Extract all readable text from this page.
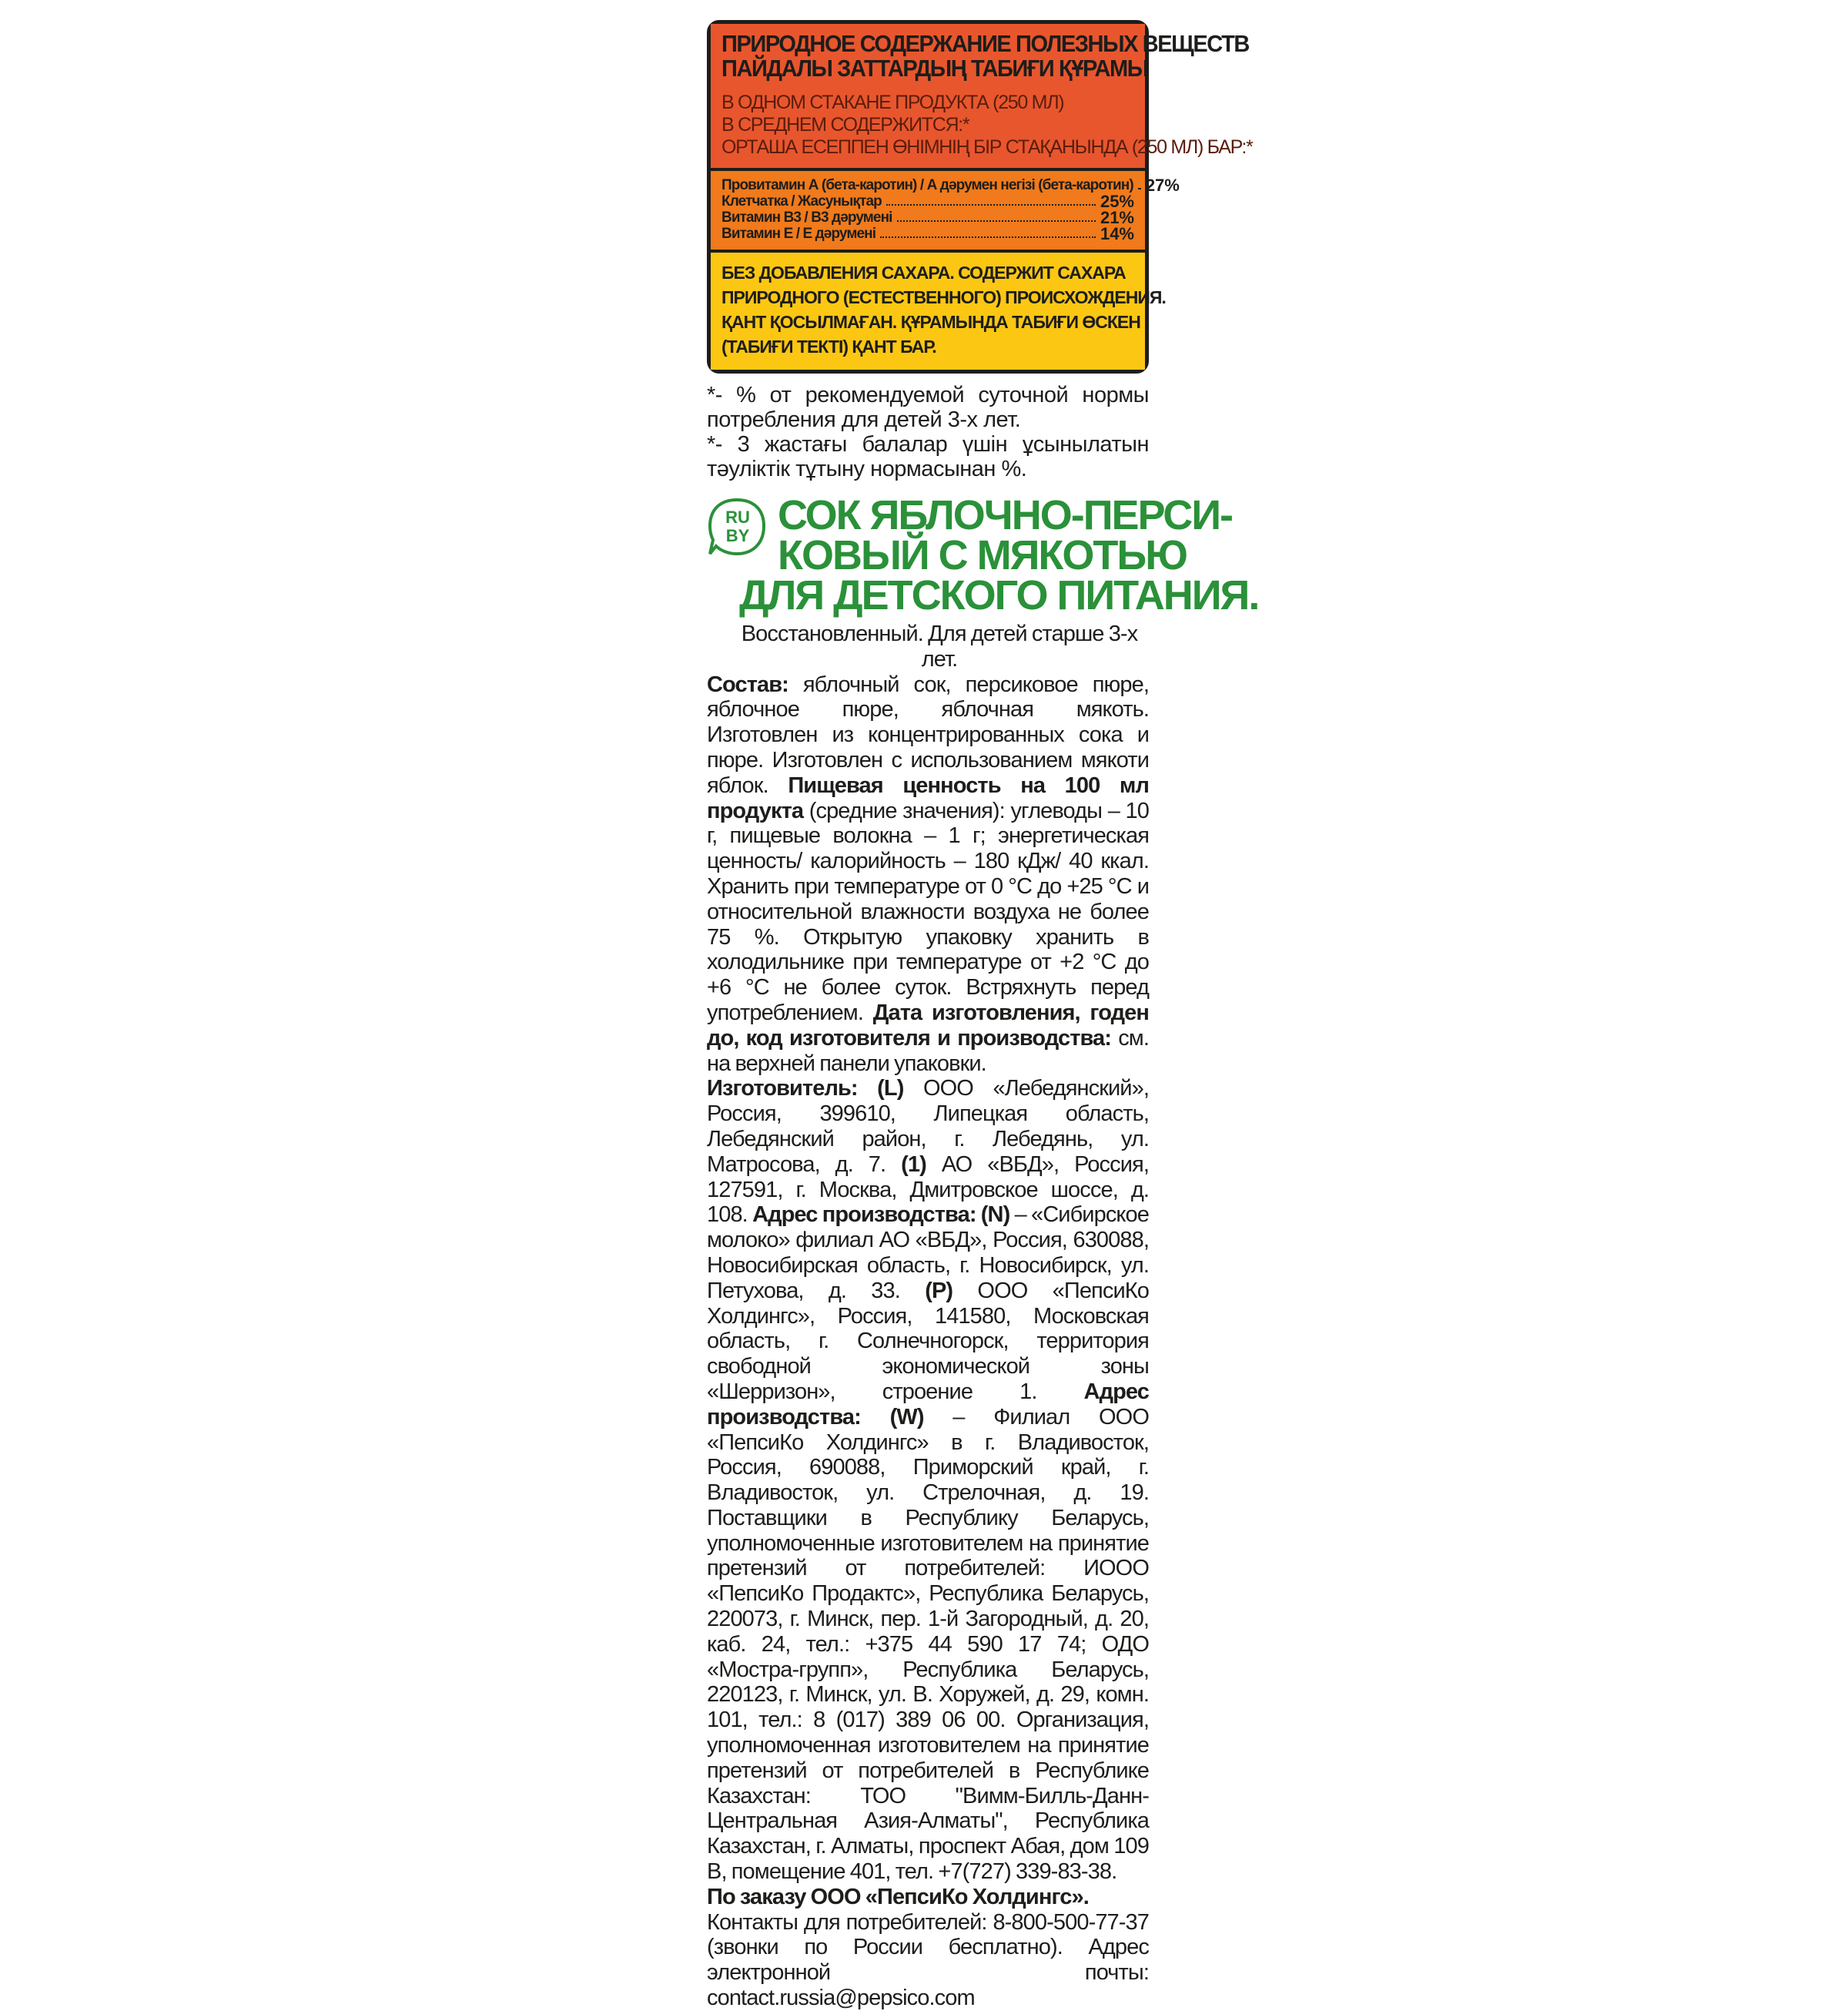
ПРИРОДНОЕ СОДЕРЖАНИЕ ПОЛЕЗНЫХ ВЕЩЕСТВ
ПАЙДАЛЫ ЗАТТАРДЫҢ ТАБИҒИ ҚҰРАМЫ
В ОДНОМ СТАКАНЕ ПРОДУКТА (250 МЛ)
В СРЕДНЕМ СОДЕРЖИТСЯ:*
ОРТАША ЕСЕППЕН ӨНІМНІҢ БІР СТАҚАНЫНДА (250 МЛ) БАР:*
Провитамин А (бета-каротин) / А дәрумен негізі (бета-каротин) 27%
Клетчатка / Жасунықтар	25%
Витамин В3 / В3 дәрумені	21%
Витамин Е / Е дәрумені	14%
БЕЗ ДОБАВЛЕНИЯ САХАРА. СОДЕРЖИТ САХАРА
ПРИРОДНОГО (ЕСТЕСТВЕННОГО) ПРОИСХОЖДЕНИЯ.
ҚАНТ ҚОСЫЛМАҒАН. ҚҰРАМЫНДА ТАБИҒИ ӨСКЕН
(ТАБИҒИ ТЕКТІ) ҚАНТ БАР.

*- % от рекомендуемой суточной нормы потребления для детей 3-х лет.

*- 3 жастағы балалар үшін ұсынылатын тәуліктік тұтыну нормасынан %.

RU
BY СОК ЯБЛОЧНО-ПЕРСИ-
КОВЫЙ С МЯКОТЬЮ
ДЛЯ ДЕТСКОГО ПИТАНИЯ.

Восстановленный. Для детей старше 3-х лет.

Состав: яблочный сок, персиковое пюре, яблочное пюре, яблочная мякоть. Изготовлен из концентрированных сока и пюре. Изготовлен с использованием мякоти яблок. Пищевая ценность на 100 мл продукта (средние значения): углеводы – 10 г, пищевые волокна – 1 г; энергетическая ценность/ калорийность – 180 кДж/ 40 ккал. Хранить при температуре от 0 °С до +25 °С и относительной влажности воздуха не более 75 %. Открытую упаковку хранить в холодильнике при температуре от +2 °С до +6 °С не более суток. Встряхнуть перед употреблением. Дата изготовления, годен до, код изготовителя и производства: см. на верхней панели упаковки.

Изготовитель: (L) ООО «Лебедянский», Россия, 399610, Липецкая область, Лебедянский район, г. Лебедянь, ул. Матросова, д. 7. (1) АО «ВБД», Россия, 127591, г. Москва, Дмитровское шоссе, д. 108. Адрес производства: (N) – «Сибирское молоко» филиал АО «ВБД», Россия, 630088, Новосибирская область, г. Новосибирск, ул. Петухова, д. 33. (P) ООО «ПепсиКо Холдингс», Россия, 141580, Московская область, г. Солнечногорск, территория свободной экономической зоны «Шерризон», строение 1. Адрес производства: (W) – Филиал ООО «ПепсиКо Холдингс» в г. Владивосток, Россия, 690088, Приморский край, г. Владивосток, ул. Стрелочная, д. 19. Поставщики в Республику Беларусь, уполномоченные изготовителем на принятие претензий от потребителей: ИООО «ПепсиКо Продактс», Республика Беларусь, 220073, г. Минск, пер. 1-й Загородный, д. 20, каб. 24, тел.: +375 44 590 17 74; ОДО «Мостра-групп», Республика Беларусь, 220123, г. Минск, ул. В. Хоружей, д. 29, комн. 101, тел.: 8 (017) 389 06 00. Организация, уполномоченная изготовителем на принятие претензий от потребителей в Республике Казахстан: ТОО "Вимм-Билль-Данн-Центральная Азия-Алматы", Республика Казахстан, г. Алматы, проспект Абая, дом 109 В, помещение 401, тел. +7(727) 339-83-38.

По заказу ООО «ПепсиКо Холдингс».

Контакты для потребителей: 8-800-500-77-37 (звонки по России бесплатно). Адрес электронной почты: contact.russia@pepsico.com
